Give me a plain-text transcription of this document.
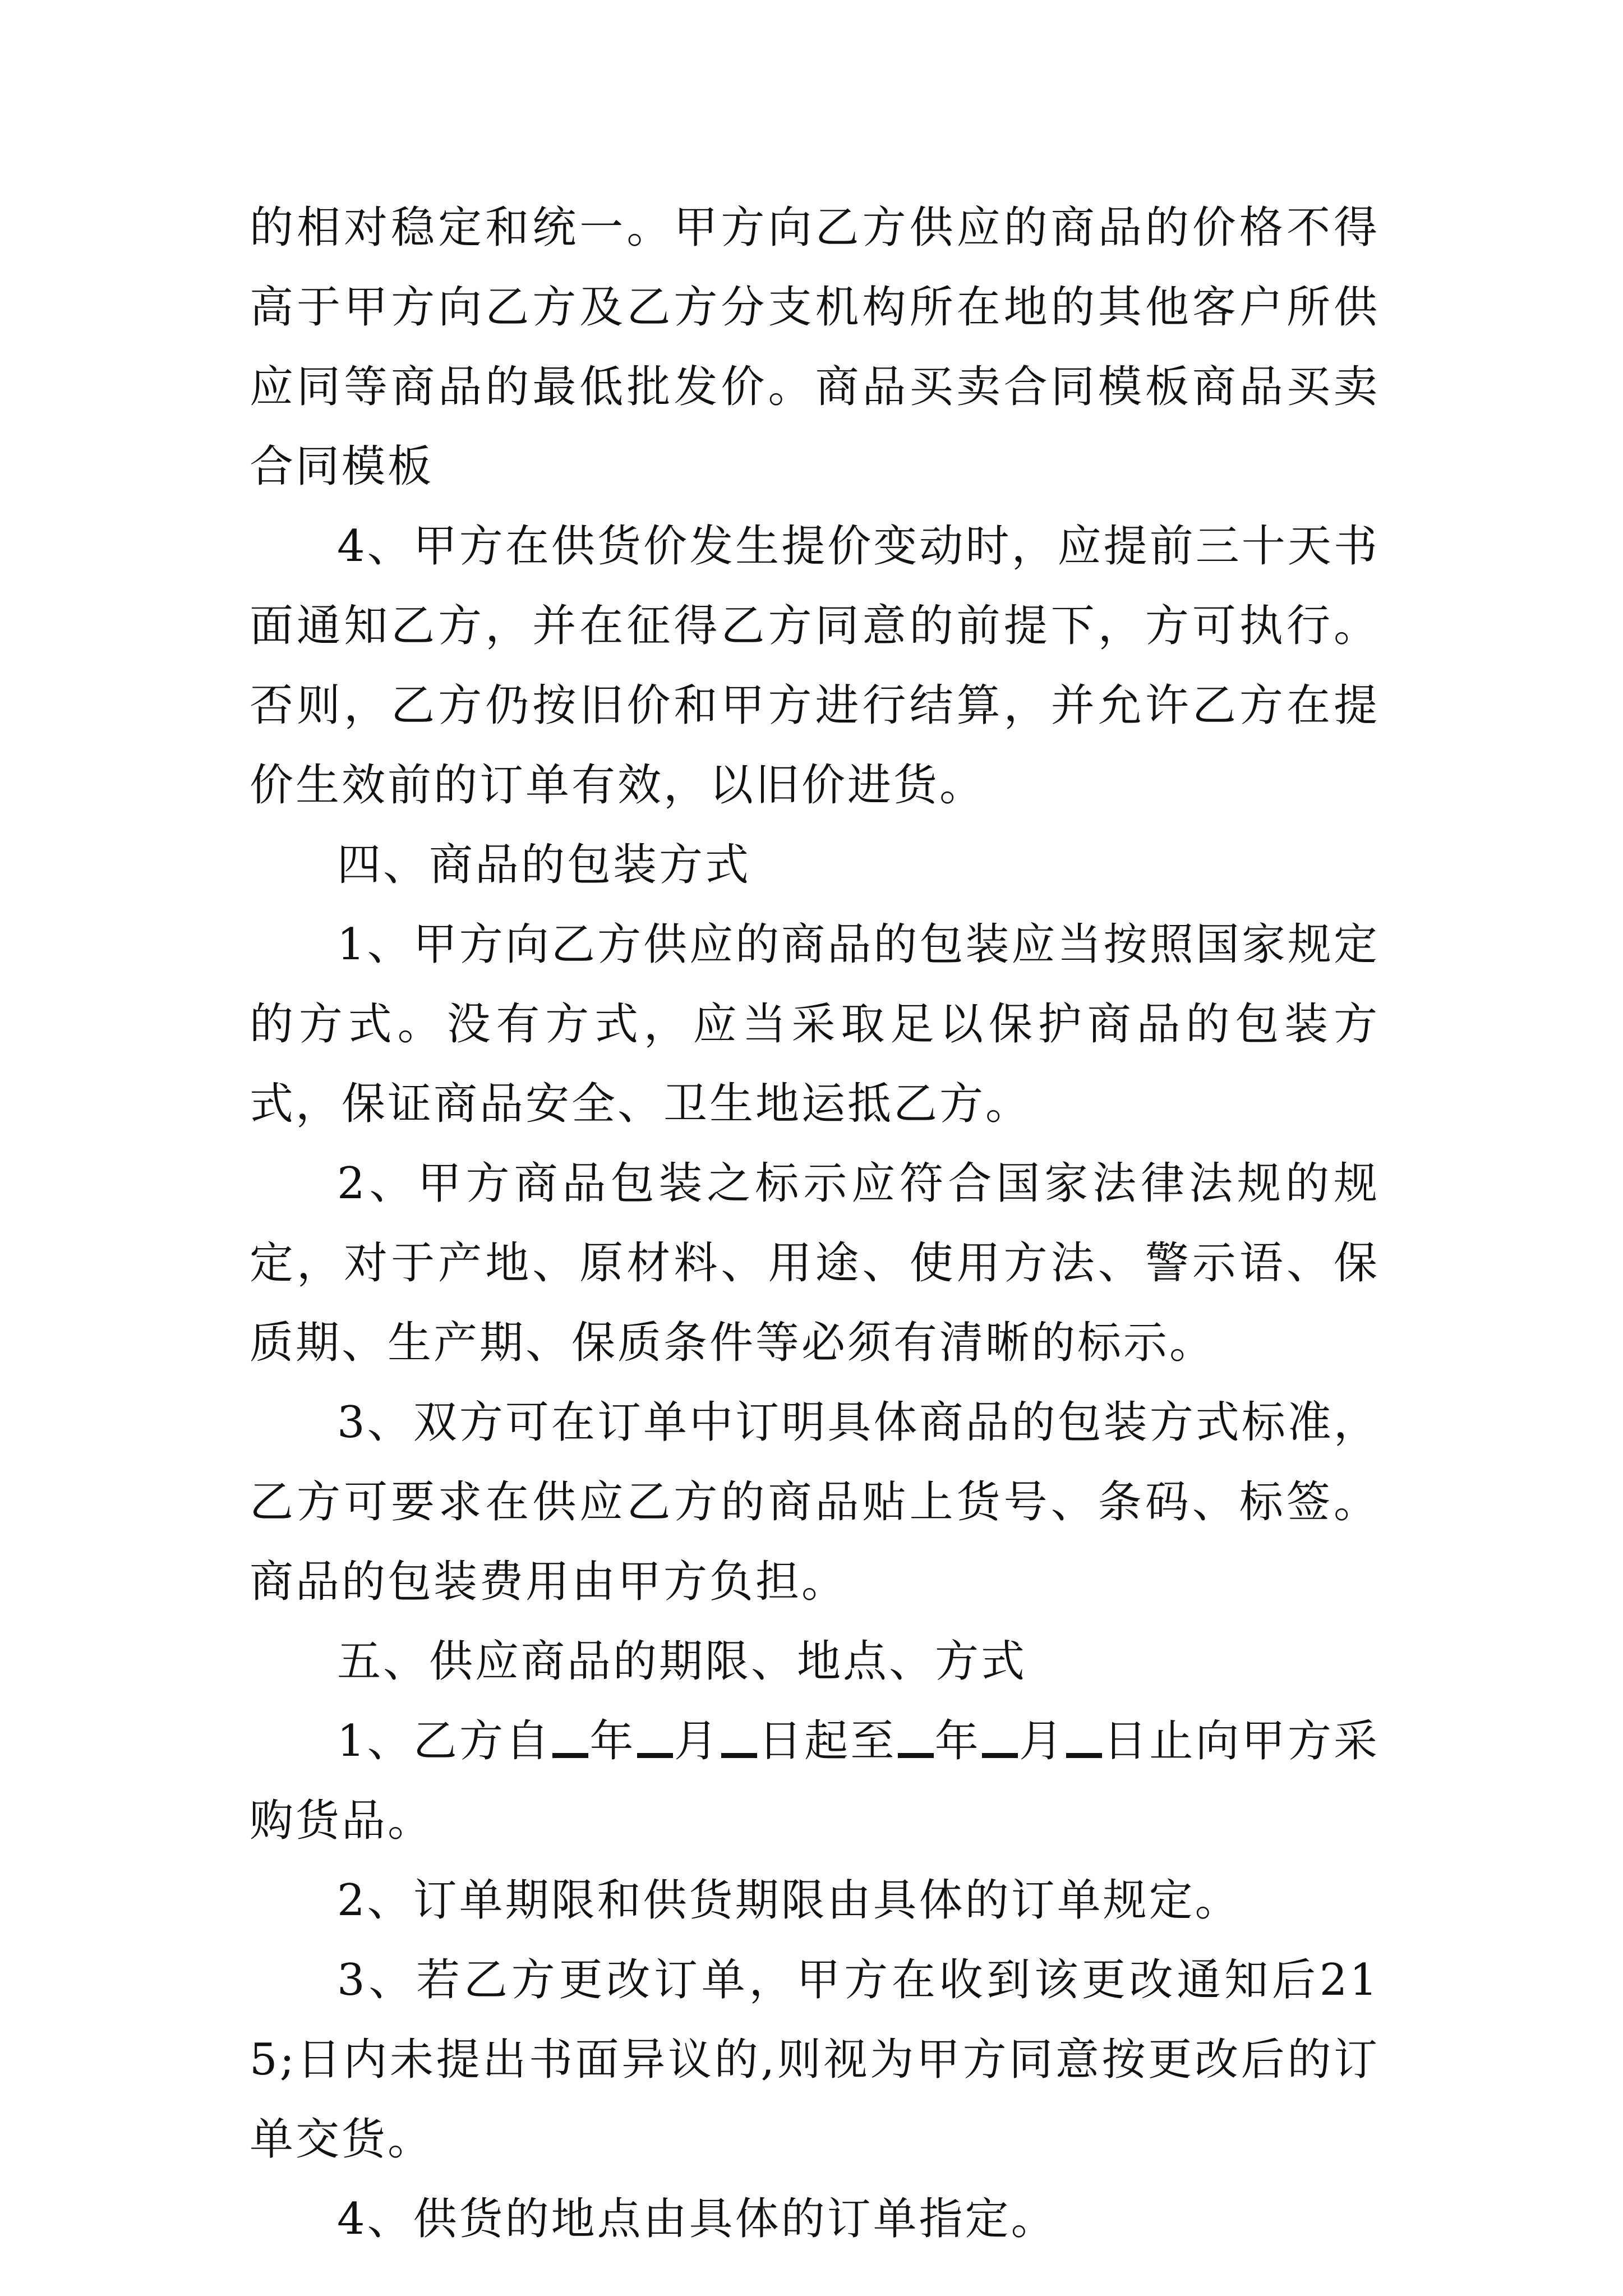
的相对稳定和统一。甲方向乙方供应的商品的价格不得高于甲方向乙方及乙方分支机构所在地的其他客户所供应同等商品的最低批发价。商品买卖合同模板商品买卖合同模板

4、甲方在供货价发生提价变动时，应提前三十天书面通知乙方，并在征得乙方同意的前提下，方可执行。否则，乙方仍按旧价和甲方进行结算，并允许乙方在提价生效前的订单有效，以旧价进货。

四、商品的包装方式

1、甲方向乙方供应的商品的包装应当按照国家规定的方式。没有方式，应当采取足以保护商品的包装方式，保证商品安全、卫生地运抵乙方。

2、甲方商品包装之标示应符合国家法律法规的规定，对于产地、原材料、用途、使用方法、警示语、保质期、生产期、保质条件等必须有清晰的标示。

3、双方可在订单中订明具体商品的包装方式标准，乙方可要求在供应乙方的商品贴上货号、条码、标签。商品的包装费用由甲方负担。

五、供应商品的期限、地点、方式

1、乙方自 年 月 日起至 年 月 日止向甲方采购货品。

2、订单期限和供货期限由具体的订单规定。

3、若乙方更改订单，甲方在收到该更改通知后215;日内未提出书面异议的,则视为甲方同意按更改后的订单交货。

4、供货的地点由具体的订单指定。
